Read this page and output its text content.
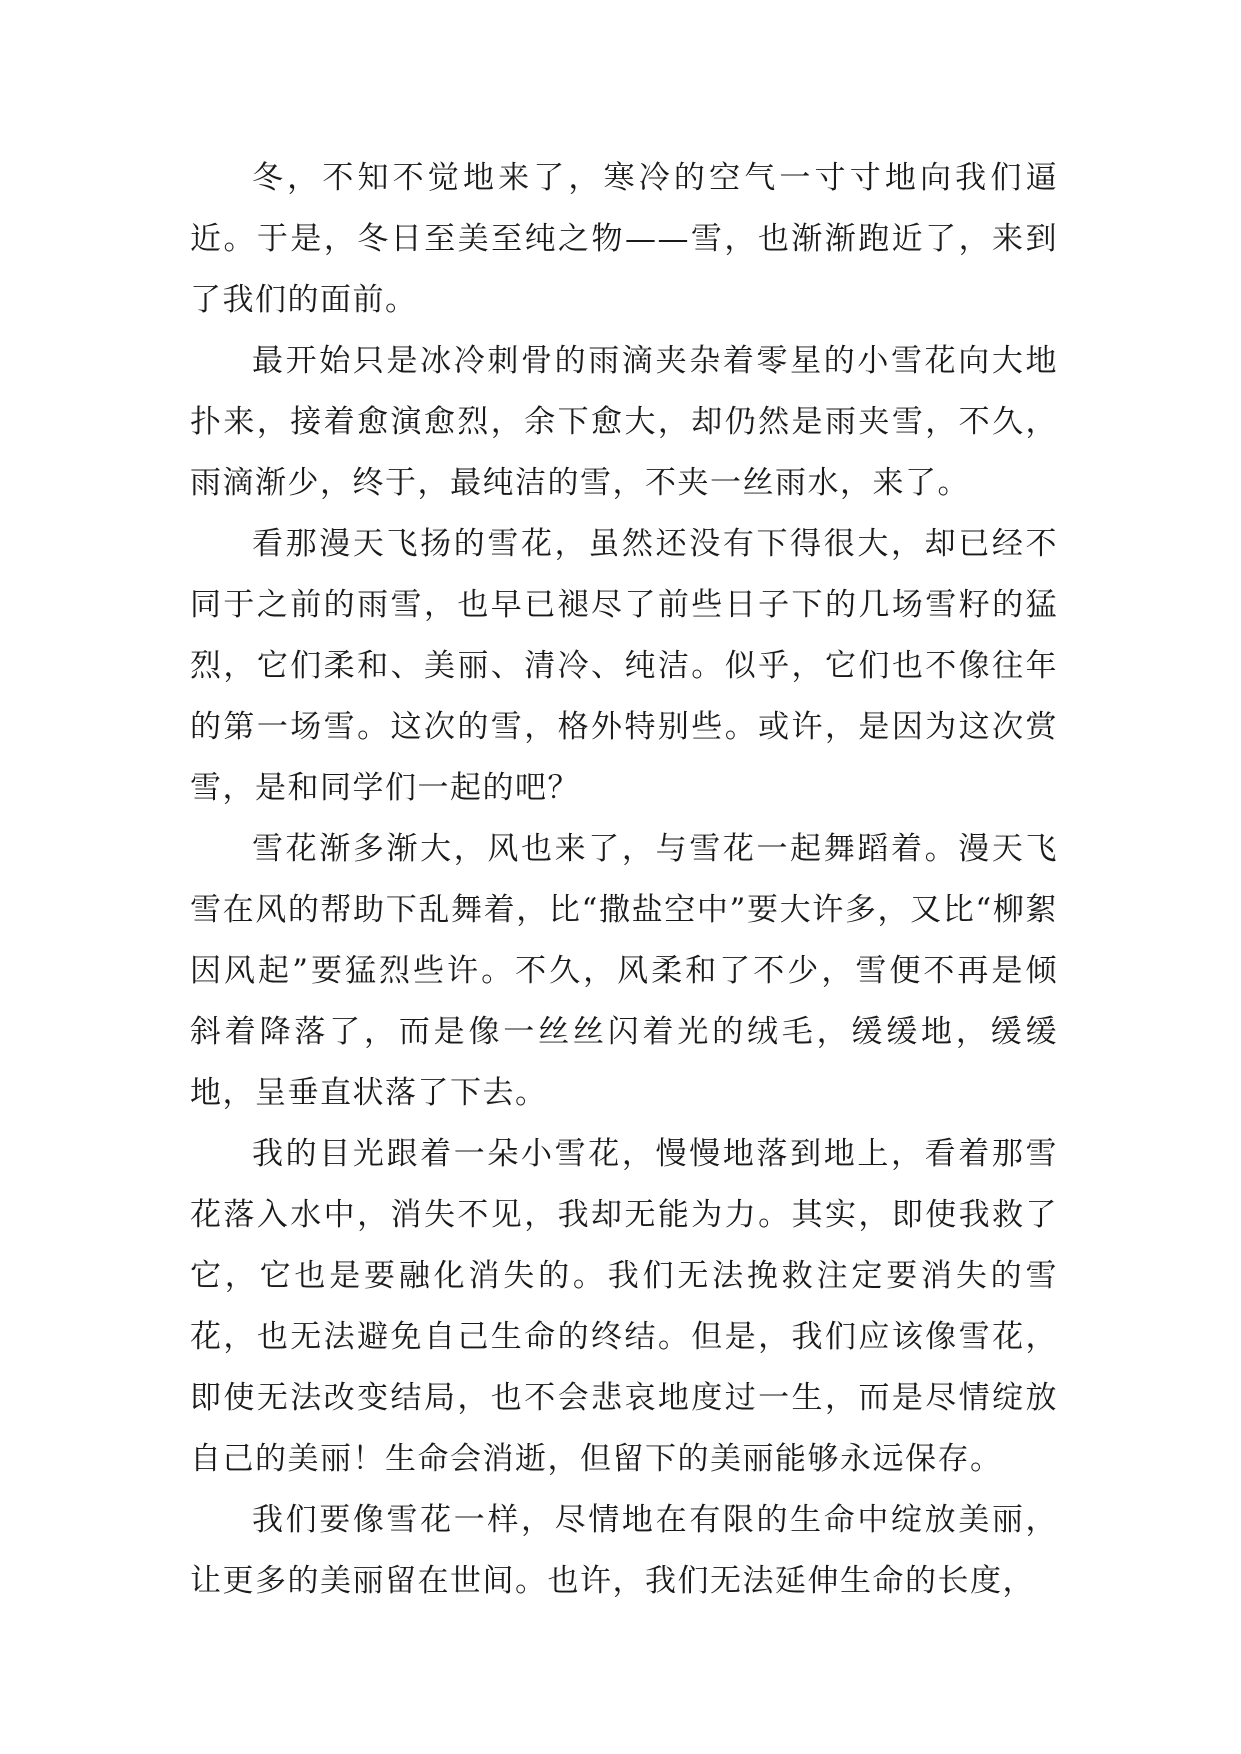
冬，不知不觉地来了，寒冷的空气一寸寸地向我们逼近。于是，冬日至美至纯之物——雪，也渐渐跑近了，来到了我们的面前。

最开始只是冰冷刺骨的雨滴夹杂着零星的小雪花向大地扑来，接着愈演愈烈，余下愈大，却仍然是雨夹雪，不久，雨滴渐少，终于，最纯洁的雪，不夹一丝雨水，来了。

看那漫天飞扬的雪花，虽然还没有下得很大，却已经不同于之前的雨雪，也早已褪尽了前些日子下的几场雪籽的猛烈，它们柔和、美丽、清冷、纯洁。似乎，它们也不像往年的第一场雪。这次的雪，格外特别些。或许，是因为这次赏雪，是和同学们一起的吧？

雪花渐多渐大，风也来了，与雪花一起舞蹈着。漫天飞雪在风的帮助下乱舞着，比“撒盐空中”要大许多，又比“柳絮因风起”要猛烈些许。不久，风柔和了不少，雪便不再是倾 斜着降落了，而是像一丝丝闪着光的绒毛，缓缓地，缓缓地，呈垂直状落了下去。

我的目光跟着一朵小雪花，慢慢地落到地上，看着那雪花落入水中，消失不见，我却无能为力。其实，即使我救了它，它也是要融化消失的。我们无法挽救注定要消失的雪花，也无法避免自己生命的终结。但是，我们应该像雪花，即使无法改变结局，也不会悲哀地度过一生，而是尽情绽放自己的美丽！生命会消逝，但留下的美丽能够永远保存。

我们要像雪花一样，尽情地在有限的生命中绽放美丽，让更多的美丽留在世间。也许，我们无法延伸生命的长度，
